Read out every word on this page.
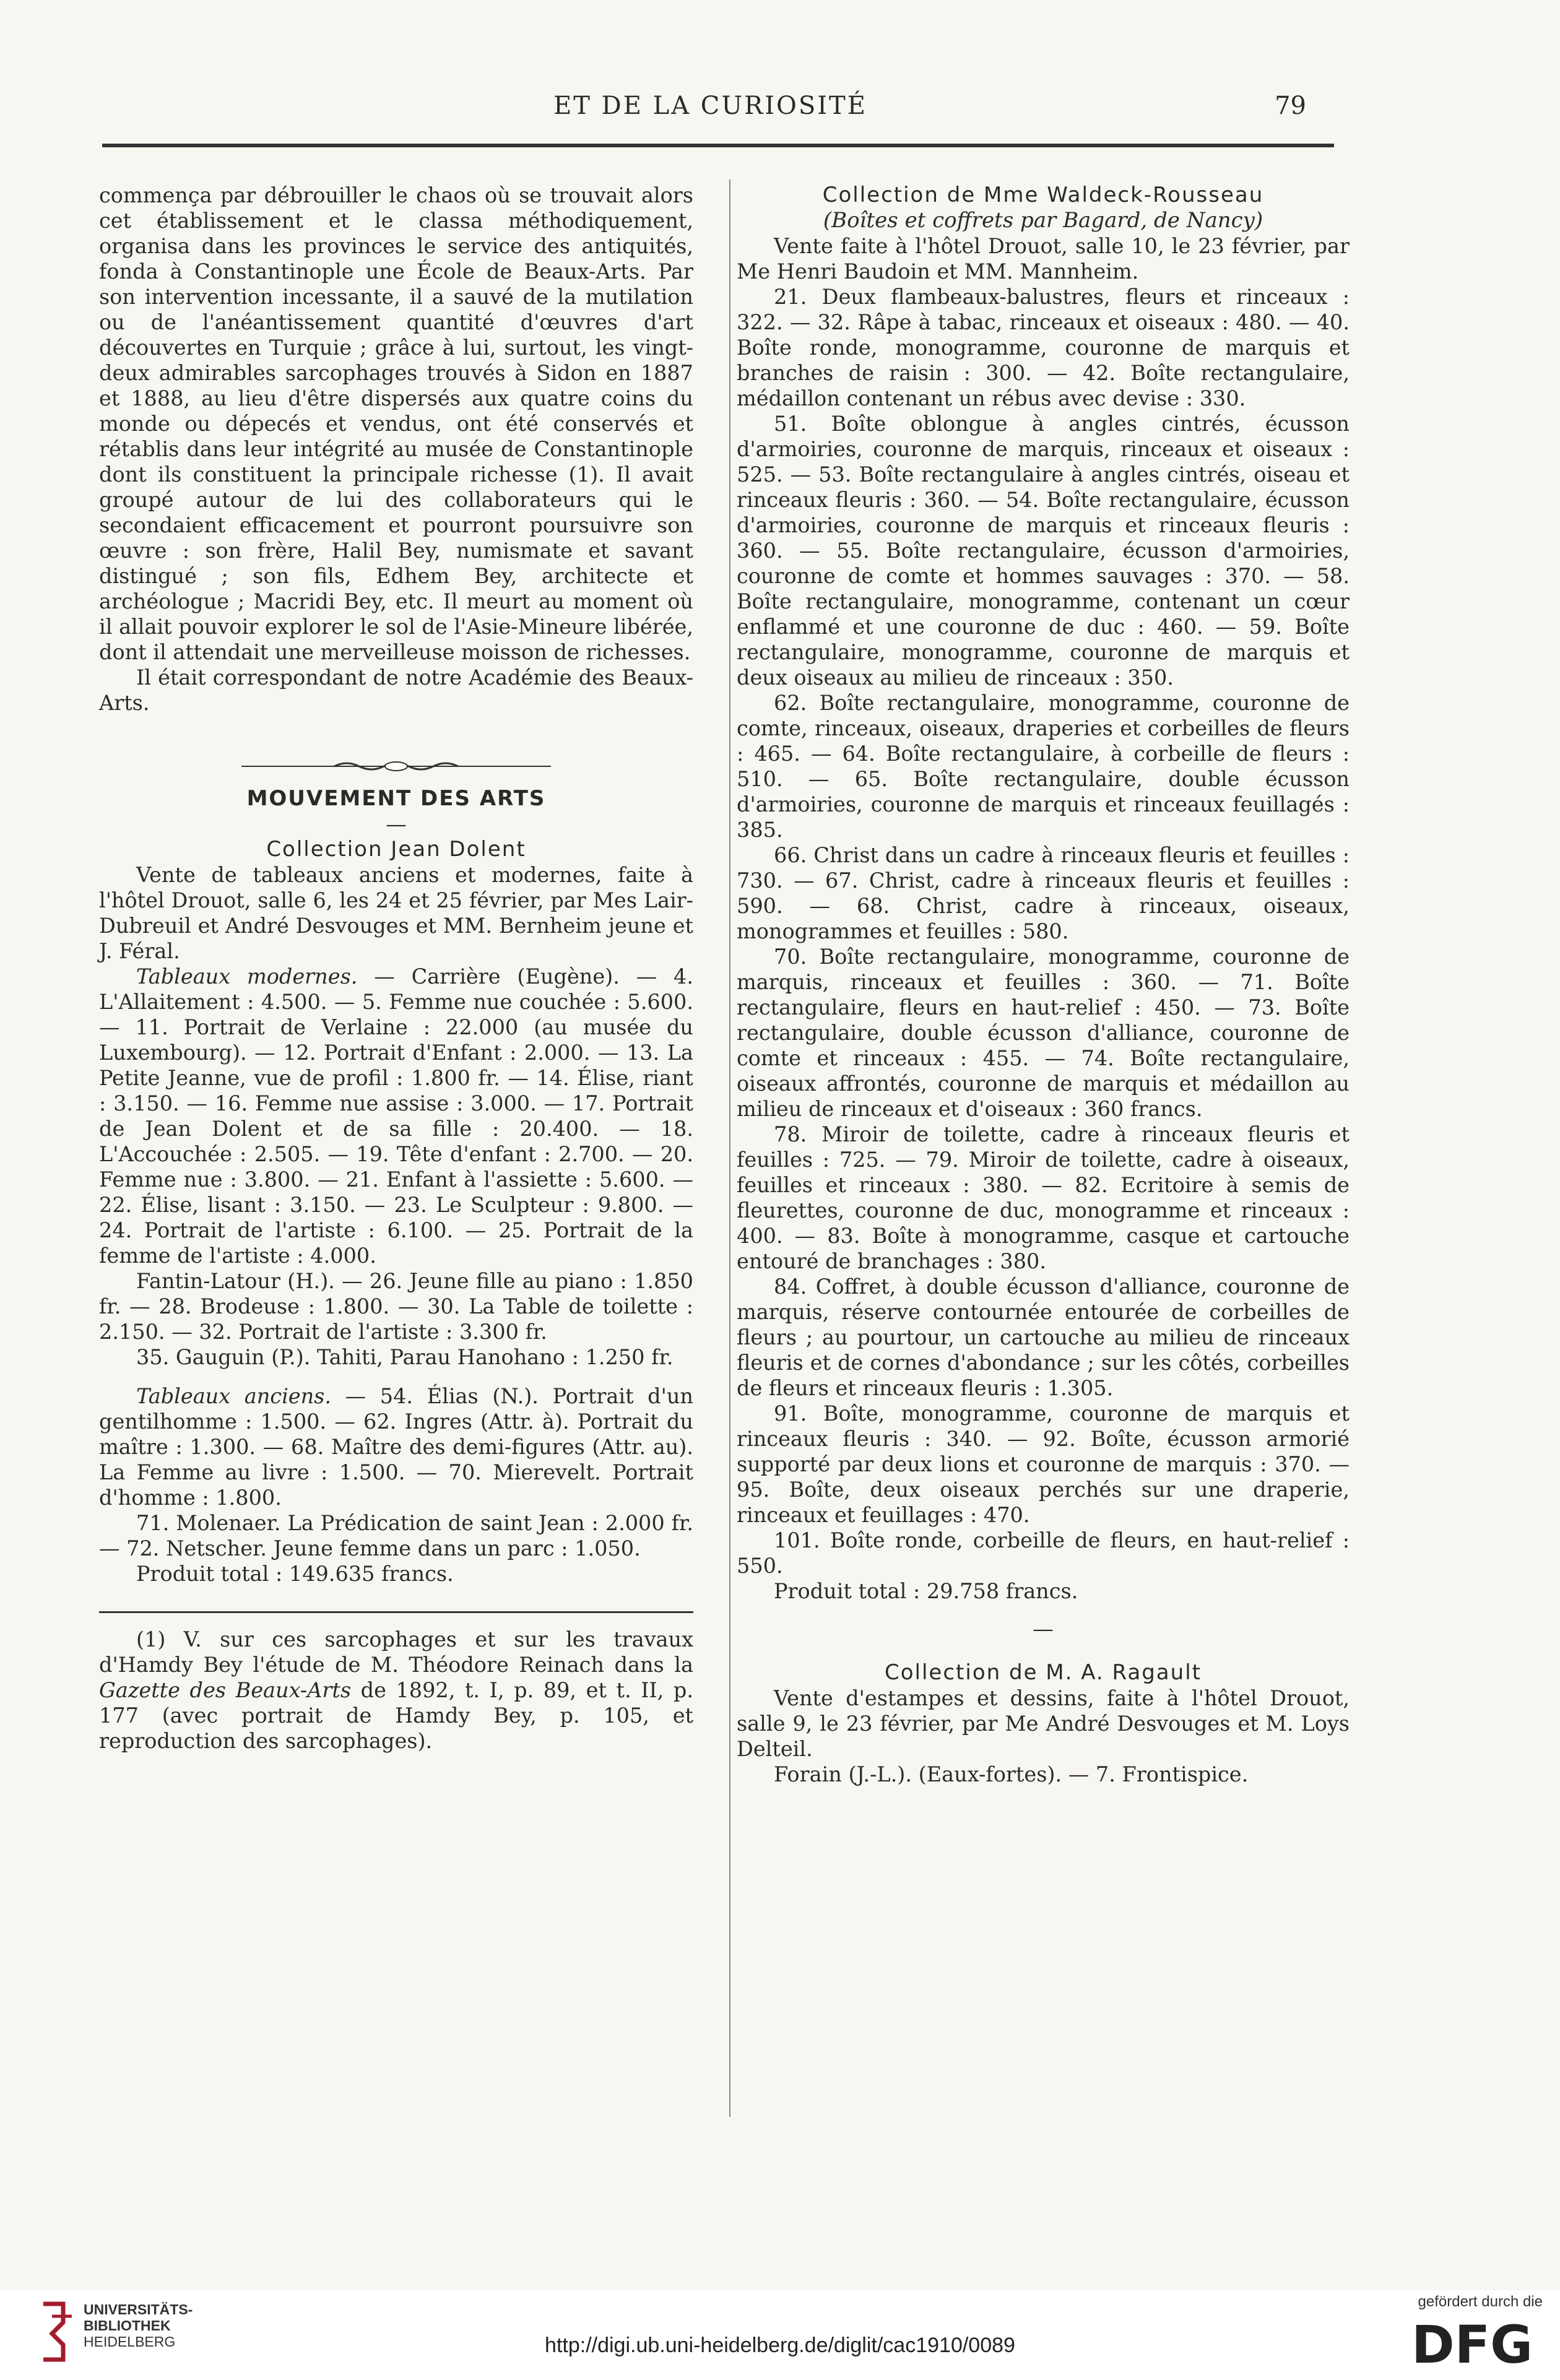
ET DE LA CURIOSITÉ	79

commença par débrouiller le chaos où se trouvait alors cet établissement et le classa méthodiquement, organisa dans les provinces le service des antiquités, fonda à Constantinople une École de Beaux-Arts. Par son intervention incessante, il a sauvé de la mutilation ou de l'anéantissement quantité d'œuvres d'art découvertes en Turquie ; grâce à lui, surtout, les vingt-deux admirables sarcophages trouvés à Sidon en 1887 et 1888, au lieu d'être dispersés aux quatre coins du monde ou dépecés et vendus, ont été conservés et rétablis dans leur intégrité au musée de Constantinople dont ils constituent la principale richesse (1). Il avait groupé autour de lui des collaborateurs qui le secondaient efficacement et pourront poursuivre son œuvre : son frère, Halil Bey, numismate et savant distingué ; son fils, Edhem Bey, architecte et archéologue ; Macridi Bey, etc. Il meurt au moment où il allait pouvoir explorer le sol de l'Asie-Mineure libérée, dont il attendait une merveilleuse moisson de richesses.

Il était correspondant de notre Académie des Beaux-Arts.

MOUVEMENT DES ARTS

—

Collection Jean Dolent

Vente de tableaux anciens et modernes, faite à l'hôtel Drouot, salle 6, les 24 et 25 février, par Mes Lair-Dubreuil et André Desvouges et MM. Bernheim jeune et J. Féral.

Tableaux modernes. — Carrière (Eugène). — 4. L'Allaitement : 4.500. — 5. Femme nue couchée : 5.600. — 11. Portrait de Verlaine : 22.000 (au musée du Luxembourg). — 12. Portrait d'Enfant : 2.000. — 13. La Petite Jeanne, vue de profil : 1.800 fr. — 14. Élise, riant : 3.150. — 16. Femme nue assise : 3.000. — 17. Portrait de Jean Dolent et de sa fille : 20.400. — 18. L'Accouchée : 2.505. — 19. Tête d'enfant : 2.700. — 20. Femme nue : 3.800. — 21. Enfant à l'assiette : 5.600. — 22. Élise, lisant : 3.150. — 23. Le Sculpteur : 9.800. — 24. Portrait de l'artiste : 6.100. — 25. Portrait de la femme de l'artiste : 4.000.

Fantin-Latour (H.). — 26. Jeune fille au piano : 1.850 fr. — 28. Brodeuse : 1.800. — 30. La Table de toilette : 2.150. — 32. Portrait de l'artiste : 3.300 fr.

35. Gauguin (P.). Tahiti, Parau Hanohano : 1.250 fr.

Tableaux anciens. — 54. Élias (N.). Portrait d'un gentilhomme : 1.500. — 62. Ingres (Attr. à). Portrait du maître : 1.300. — 68. Maître des demi-figures (Attr. au). La Femme au livre : 1.500. — 70. Mierevelt. Portrait d'homme : 1.800.

71. Molenaer. La Prédication de saint Jean : 2.000 fr. — 72. Netscher. Jeune femme dans un parc : 1.050.

Produit total : 149.635 francs.

(1) V. sur ces sarcophages et sur les travaux d'Hamdy Bey l'étude de M. Théodore Reinach dans la Gazette des Beaux-Arts de 1892, t. I, p. 89, et t. II, p. 177 (avec portrait de Hamdy Bey, p. 105, et reproduction des sarcophages).

Collection de Mme Waldeck-Rousseau

(Boîtes et coffrets par Bagard, de Nancy)

Vente faite à l'hôtel Drouot, salle 10, le 23 février, par Me Henri Baudoin et MM. Mannheim.

21. Deux flambeaux-balustres, fleurs et rinceaux : 322. — 32. Râpe à tabac, rinceaux et oiseaux : 480. — 40. Boîte ronde, monogramme, couronne de marquis et branches de raisin : 300. — 42. Boîte rectangulaire, médaillon contenant un rébus avec devise : 330.

51. Boîte oblongue à angles cintrés, écusson d'armoiries, couronne de marquis, rinceaux et oiseaux : 525. — 53. Boîte rectangulaire à angles cintrés, oiseau et rinceaux fleuris : 360. — 54. Boîte rectangulaire, écusson d'armoiries, couronne de marquis et rinceaux fleuris : 360. — 55. Boîte rectangulaire, écusson d'armoiries, couronne de comte et hommes sauvages : 370. — 58. Boîte rectangulaire, monogramme, contenant un cœur enflammé et une couronne de duc : 460. — 59. Boîte rectangulaire, monogramme, couronne de marquis et deux oiseaux au milieu de rinceaux : 350.

62. Boîte rectangulaire, monogramme, couronne de comte, rinceaux, oiseaux, draperies et corbeilles de fleurs : 465. — 64. Boîte rectangulaire, à corbeille de fleurs : 510. — 65. Boîte rectangulaire, double écusson d'armoiries, couronne de marquis et rinceaux feuillagés : 385.

66. Christ dans un cadre à rinceaux fleuris et feuilles : 730. — 67. Christ, cadre à rinceaux fleuris et feuilles : 590. — 68. Christ, cadre à rinceaux, oiseaux, monogrammes et feuilles : 580.

70. Boîte rectangulaire, monogramme, couronne de marquis, rinceaux et feuilles : 360. — 71. Boîte rectangulaire, fleurs en haut-relief : 450. — 73. Boîte rectangulaire, double écusson d'alliance, couronne de comte et rinceaux : 455. — 74. Boîte rectangulaire, oiseaux affrontés, couronne de marquis et médaillon au milieu de rinceaux et d'oiseaux : 360 francs.

78. Miroir de toilette, cadre à rinceaux fleuris et feuilles : 725. — 79. Miroir de toilette, cadre à oiseaux, feuilles et rinceaux : 380. — 82. Ecritoire à semis de fleurettes, couronne de duc, monogramme et rinceaux : 400. — 83. Boîte à monogramme, casque et cartouche entouré de branchages : 380.

84. Coffret, à double écusson d'alliance, couronne de marquis, réserve contournée entourée de corbeilles de fleurs ; au pourtour, un cartouche au milieu de rinceaux fleuris et de cornes d'abondance ; sur les côtés, corbeilles de fleurs et rinceaux fleuris : 1.305.

91. Boîte, monogramme, couronne de marquis et rinceaux fleuris : 340. — 92. Boîte, écusson armorié supporté par deux lions et couronne de marquis : 370. — 95. Boîte, deux oiseaux perchés sur une draperie, rinceaux et feuillages : 470.

101. Boîte ronde, corbeille de fleurs, en haut-relief : 550.

Produit total : 29.758 francs.

—

Collection de M. A. Ragault

Vente d'estampes et dessins, faite à l'hôtel Drouot, salle 9, le 23 février, par Me André Desvouges et M. Loys Delteil.

Forain (J.-L.). (Eaux-fortes). — 7. Frontispice.

UNIVERSITÄTS-
BIBLIOTHEK
HEIDELBERG	http://digi.ub.uni-heidelberg.de/diglit/cac1910/0089
gefördert durch die
DFG
